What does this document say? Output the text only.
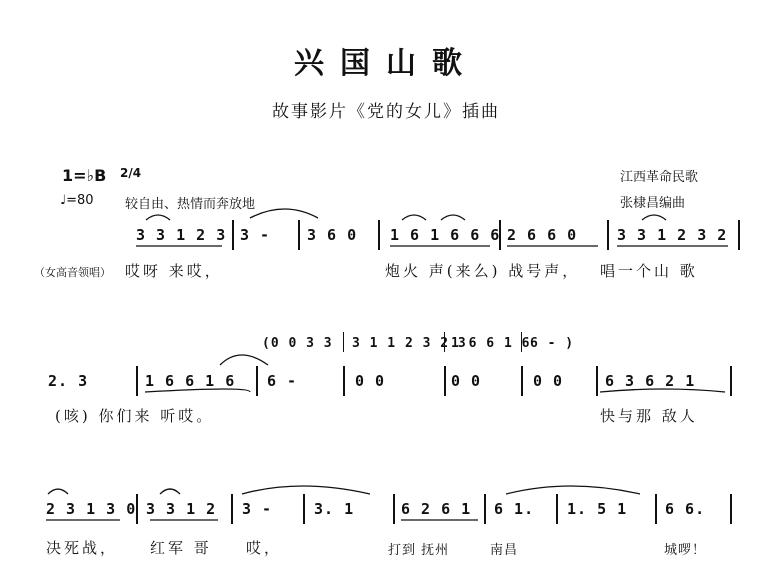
兴国山歌
故事影片《党的女儿》插曲
1=♭B 2/4
♩=80 较自由、热情而奔放地
江西革命民歌
张棣昌编曲
3 3 1 2 3 3 - 3 6 0 1 6 1 6 6 6 2 6 6 0	3 3 1 2 3 2
（女高音领唱） 哎呀 来哎，	炮火 声(来么) 战号声， 唱一个山 歌
(0 0 3 3 3 1 1 2 3 2 3
1 6 6 1 6 6 - )
2. 3	1 6 6 1 6 6 -	0 0	0 0	0 0	6 3 6 2 1
(咳) 你们来 听哎。	快与那 敌人
2 3 1 3 0 3 3 1 2 3 -	3. 1	6 2 6 1 6 1. 1. 5 1	6 6.
决死战， 红军 哥 哎，	打到 抚州	南昌	城啰！
